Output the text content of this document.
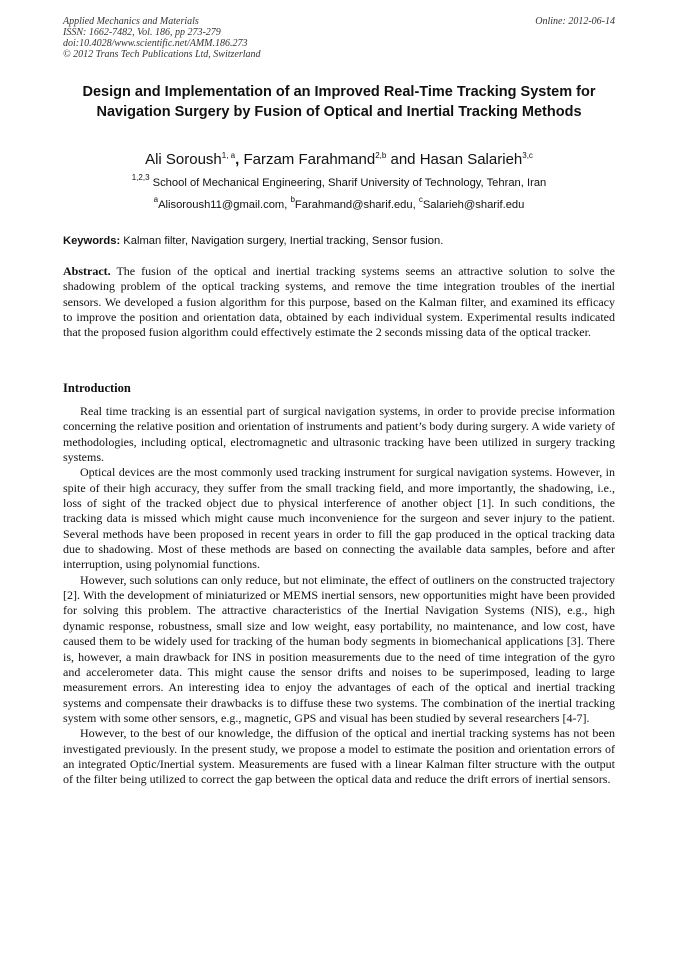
Applied Mechanics and Materials
ISSN: 1662-7482, Vol. 186, pp 273-279
doi:10.4028/www.scientific.net/AMM.186.273
© 2012 Trans Tech Publications Ltd, Switzerland
Online: 2012-06-14
Design and Implementation of an Improved Real-Time Tracking System for Navigation Surgery by Fusion of Optical and Inertial Tracking Methods
Ali Soroush$^{1, a}$, Farzam Farahmand$^{2,b}$ and Hasan Salarieh$^{3,c}$
$^{1,2,3}$ School of Mechanical Engineering, Sharif University of Technology, Tehran, Iran
$^a$Alisoroush11@gmail.com, $^b$Farahmand@sharif.edu, $^c$Salarieh@sharif.edu
Keywords: Kalman filter, Navigation surgery, Inertial tracking, Sensor fusion.
Abstract. The fusion of the optical and inertial tracking systems seems an attractive solution to solve the shadowing problem of the optical tracking systems, and remove the time integration troubles of the inertial sensors. We developed a fusion algorithm for this purpose, based on the Kalman filter, and examined its efficacy to improve the position and orientation data, obtained by each individual system. Experimental results indicated that the proposed fusion algorithm could effectively estimate the 2 seconds missing data of the optical tracker.
Introduction

Real time tracking is an essential part of surgical navigation systems, in order to provide precise information concerning the relative position and orientation of instruments and patient’s body during surgery. A wide variety of methodologies, including optical, electromagnetic and ultrasonic tracking have been utilized in surgery tracking systems.

Optical devices are the most commonly used tracking instrument for surgical navigation systems. However, in spite of their high accuracy, they suffer from the small tracking field, and more importantly, the shadowing, i.e., loss of sight of the tracked object due to physical interference of another object [1]. In such conditions, the tracking data is missed which might cause much inconvenience for the surgeon and sever injury to the patient. Several methods have been proposed in recent years in order to fill the gap produced in the optical tracking data due to shadowing. Most of these methods are based on connecting the available data samples, before and after interruption, using polynomial functions.

However, such solutions can only reduce, but not eliminate, the effect of outliners on the constructed trajectory [2]. With the development of miniaturized or MEMS inertial sensors, new opportunities might have been provided for solving this problem. The attractive characteristics of the Inertial Navigation Systems (NIS), e.g., high dynamic response, robustness, small size and low weight, easy portability, no maintenance, and low cost, have caused them to be widely used for tracking of the human body segments in biomechanical applications [3]. There is, however, a main drawback for INS in position measurements due to the need of time integration of the gyro and accelerometer data. This might cause the sensor drifts and noises to be superimposed, leading to large measurement errors. An interesting idea to enjoy the advantages of each of the optical and inertial tracking systems and compensate their drawbacks is to diffuse these two systems. The combination of the inertial tracking system with some other sensors, e.g., magnetic, GPS and visual has been studied by several researchers [4-7].

However, to the best of our knowledge, the diffusion of the optical and inertial tracking systems has not been investigated previously. In the present study, we propose a model to estimate the position and orientation errors of an integrated Optic/Inertial system. Measurements are fused with a linear Kalman filter structure with the output of the filter being utilized to correct the gap between the optical data and reduce the drift errors of inertial sensors.
